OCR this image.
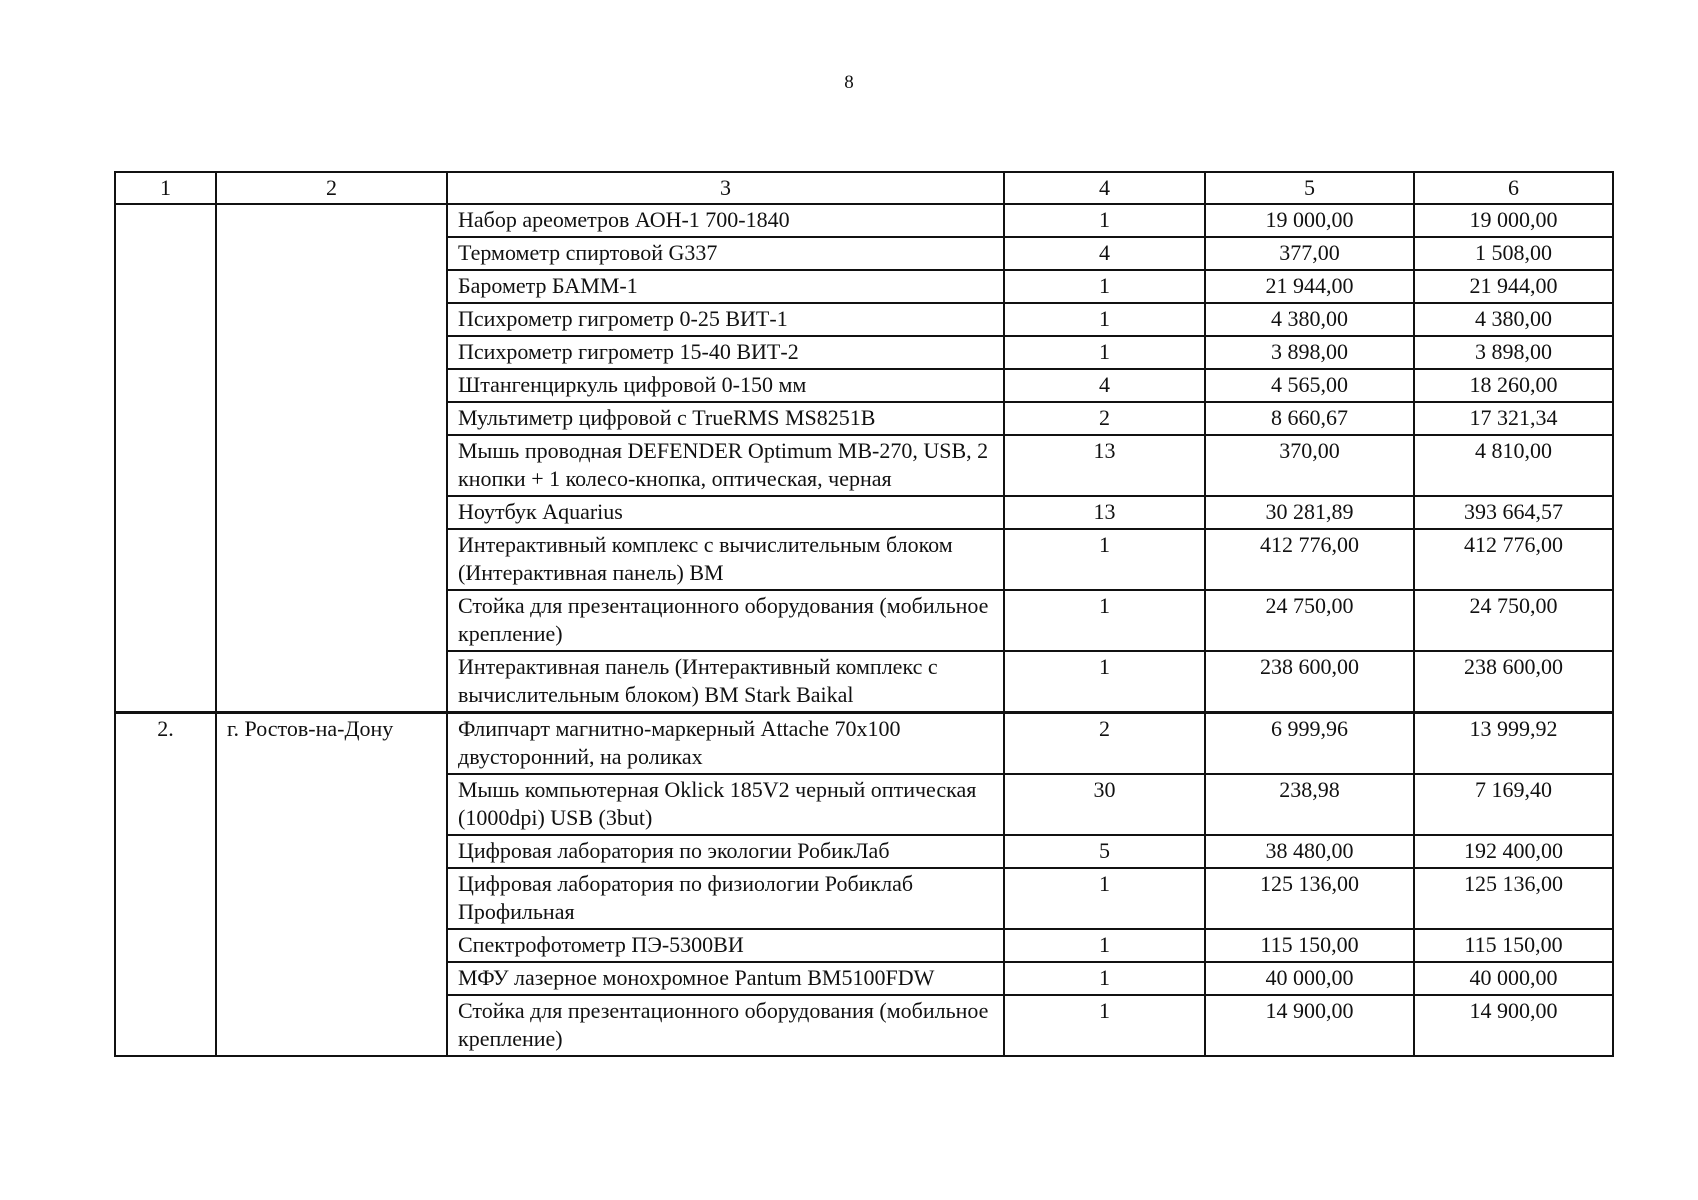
8
1	2	3	4	5	6
		Набор ареометров АОН-1 700-1840	1	19 000,00	19 000,00
		Термометр спиртовой G337	4	377,00	1 508,00
		Барометр БАММ-1	1	21 944,00	21 944,00
		Психрометр гигрометр 0-25 ВИТ-1	1	4 380,00	4 380,00
		Психрометр гигрометр 15-40 ВИТ-2	1	3 898,00	3 898,00
		Штангенциркуль цифровой 0-150 мм	4	4 565,00	18 260,00
		Мультиметр цифровой с TrueRMS MS8251B	2	8 660,67	17 321,34
		Мышь проводная DEFENDER Optimum MB-270, USB, 2 кнопки + 1 колесо-кнопка, оптическая, черная	13	370,00	4 810,00
		Ноутбук Aquarius	13	30 281,89	393 664,57
		Интерактивный комплекс с вычислительным блоком (Интерактивная панель) BM	1	412 776,00	412 776,00
		Стойка для презентационного оборудования (мобильное крепление)	1	24 750,00	24 750,00
		Интерактивная панель (Интерактивный комплекс с вычислительным блоком) BM Stark Baikal	1	238 600,00	238 600,00
2.	г. Ростов-на-Дону	Флипчарт магнитно-маркерный Attache 70x100 двусторонний, на роликах	2	6 999,96	13 999,92
		Мышь компьютерная Oklick 185V2 черный оптическая (1000dpi) USB (3but)	30	238,98	7 169,40
		Цифровая лаборатория по экологии РобикЛаб	5	38 480,00	192 400,00
		Цифровая лаборатория по физиологии Робиклаб Профильная	1	125 136,00	125 136,00
		Спектрофотометр ПЭ-5300ВИ	1	115 150,00	115 150,00
		МФУ лазерное монохромное Pantum BM5100FDW	1	40 000,00	40 000,00
		Стойка для презентационного оборудования (мобильное крепление)	1	14 900,00	14 900,00
